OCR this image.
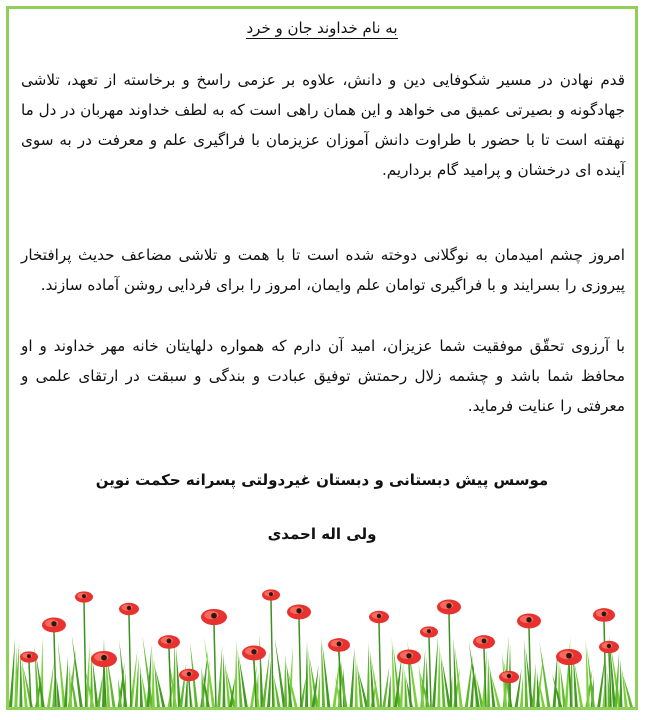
به نام خداوند جان و خرد
قدم نهادن در مسیر شکوفایی دین و دانش، علاوه بر عزمی راسخ و برخاسته از تعهد، تلاشی جهادگونه و بصیرتی عمیق می خواهد و این همان راهی است که به لطف خداوند مهربان در دل ما نهفته است تا با حضور با طراوت دانش آموزان عزیزمان با فراگیری علم و معرفت در به سوی آینده ای درخشان و پرامید گام برداریم.
امروز چشم امیدمان به نوگلانی دوخته شده است تا با همت و تلاشی مضاعف حدیث پرافتخار پیروزی را بسرایند و با فراگیری توامان علم وایمان، امروز را برای فردایی روشن آماده سازند.
با آرزوی تحقّق موفقیت شما عزیزان، امید آن دارم که همواره دلهایتان خانه مهر خداوند و او محافظ شما باشد و چشمه زلال رحمتش توفیق عبادت و بندگی و سبقت در ارتقای علمی و معرفتی را عنایت فرماید.
موسس پیش دبستانی و دبستان غیردولتی پسرانه حکمت نوین
ولی اله احمدی
